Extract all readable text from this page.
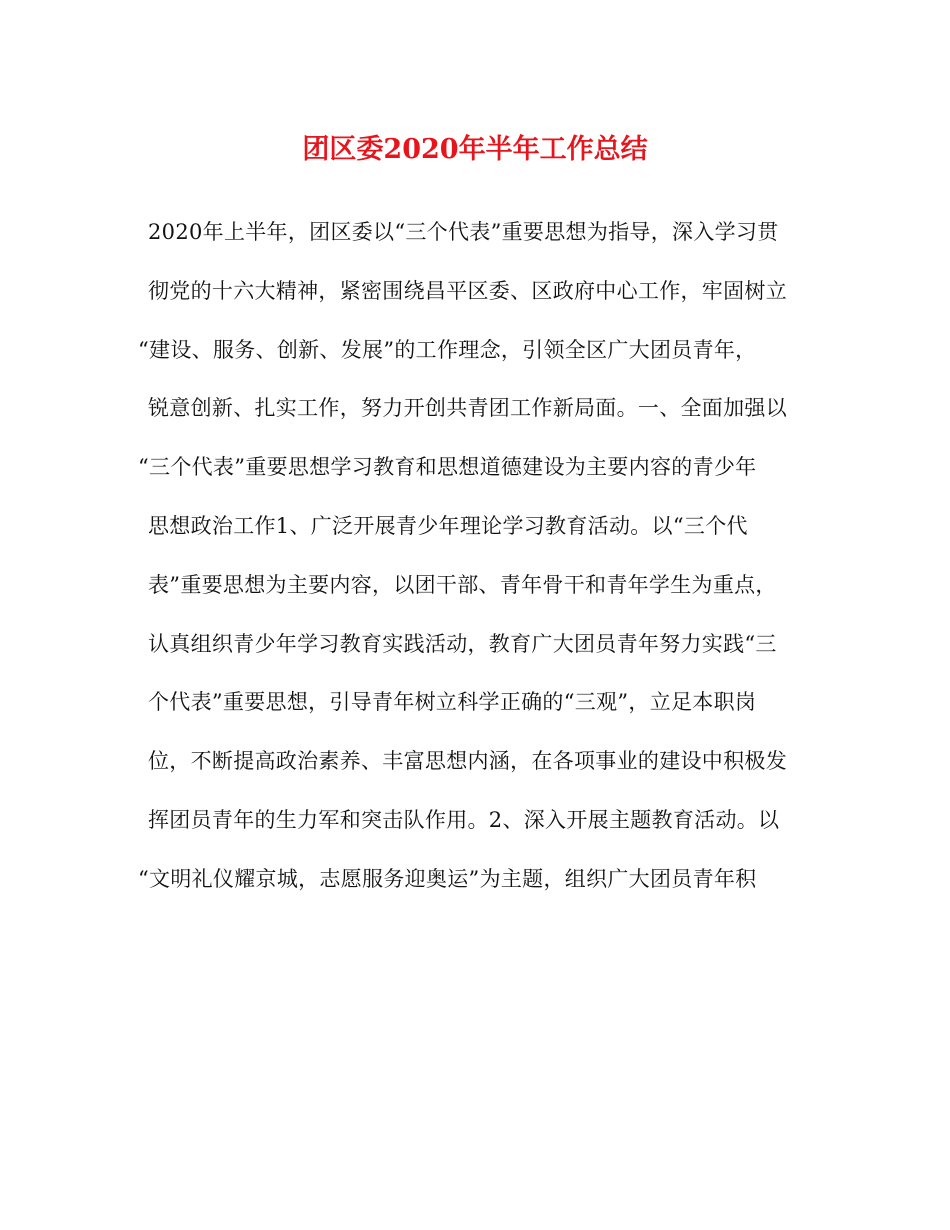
团区委2020年半年工作总结
2020年上半年，团区委以“三个代表”重要思想为指导，深入学习贯
彻党的十六大精神，紧密围绕昌平区委、区政府中心工作，牢固树立
“建设、服务、创新、发展”的工作理念，引领全区广大团员青年，
锐意创新、扎实工作，努力开创共青团工作新局面。一、全面加强以
“三个代表”重要思想学习教育和思想道德建设为主要内容的青少年
思想政治工作1、广泛开展青少年理论学习教育活动。以“三个代
表”重要思想为主要内容，以团干部、青年骨干和青年学生为重点，
认真组织青少年学习教育实践活动，教育广大团员青年努力实践“三
个代表”重要思想，引导青年树立科学正确的“三观”，立足本职岗
位，不断提高政治素养、丰富思想内涵，在各项事业的建设中积极发
挥团员青年的生力军和突击队作用。2、深入开展主题教育活动。以
“文明礼仪耀京城，志愿服务迎奥运”为主题，组织广大团员青年积
